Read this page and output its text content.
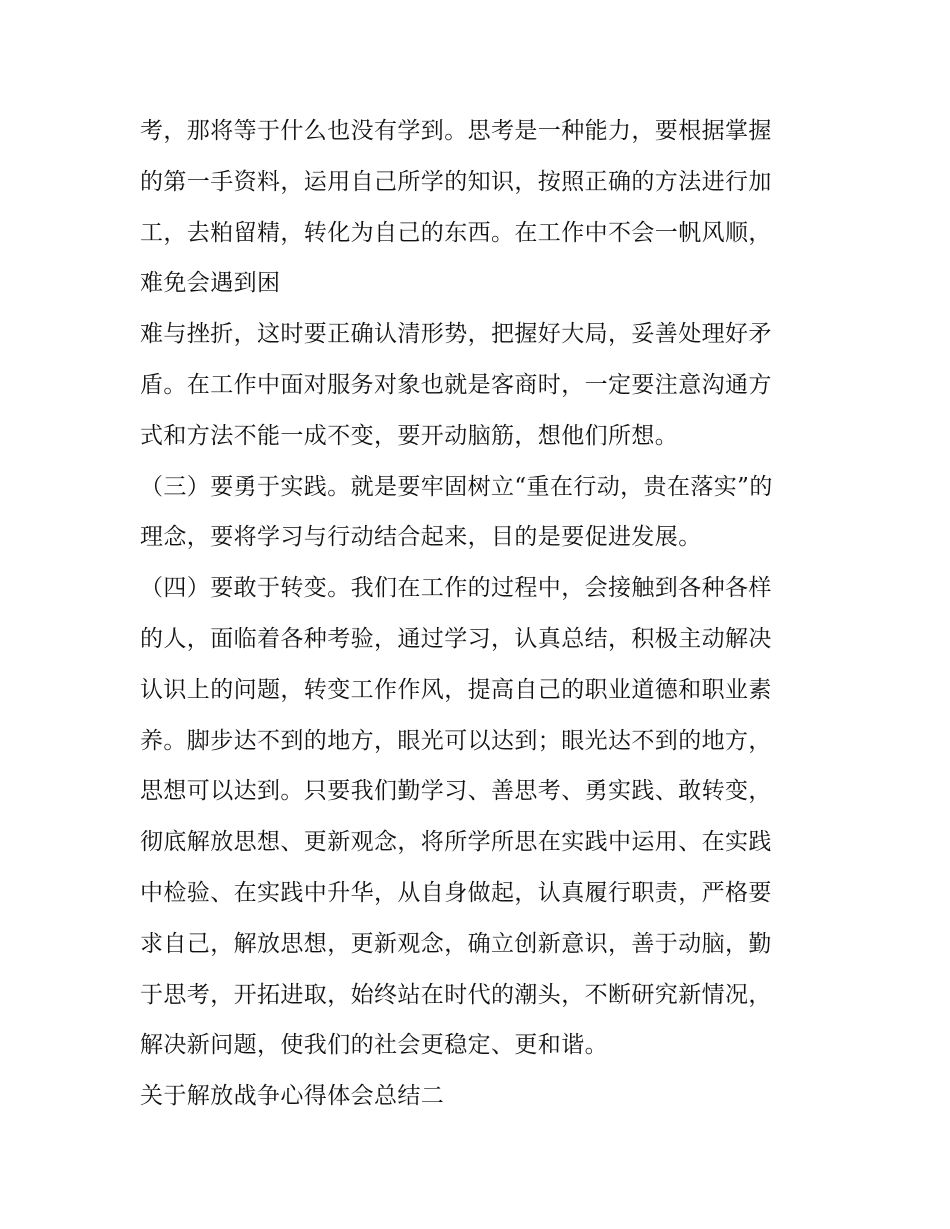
考，那将等于什么也没有学到。思考是一种能力，要根据掌握
的第一手资料，运用自己所学的知识，按照正确的方法进行加
工，去粕留精，转化为自己的东西。在工作中不会一帆风顺，
难免会遇到困
难与挫折，这时要正确认清形势，把握好大局，妥善处理好矛
盾。在工作中面对服务对象也就是客商时，一定要注意沟通方
式和方法不能一成不变，要开动脑筋，想他们所想。
（三）要勇于实践。就是要牢固树立“重在行动，贵在落实”的
理念，要将学习与行动结合起来，目的是要促进发展。
（四）要敢于转变。我们在工作的过程中，会接触到各种各样
的人，面临着各种考验，通过学习，认真总结，积极主动解决
认识上的问题，转变工作作风，提高自己的职业道德和职业素
养。脚步达不到的地方，眼光可以达到；眼光达不到的地方，
思想可以达到。只要我们勤学习、善思考、勇实践、敢转变，
彻底解放思想、更新观念，将所学所思在实践中运用、在实践
中检验、在实践中升华，从自身做起，认真履行职责，严格要
求自己，解放思想，更新观念，确立创新意识，善于动脑，勤
于思考，开拓进取，始终站在时代的潮头，不断研究新情况，
解决新问题，使我们的社会更稳定、更和谐。
关于解放战争心得体会总结二
